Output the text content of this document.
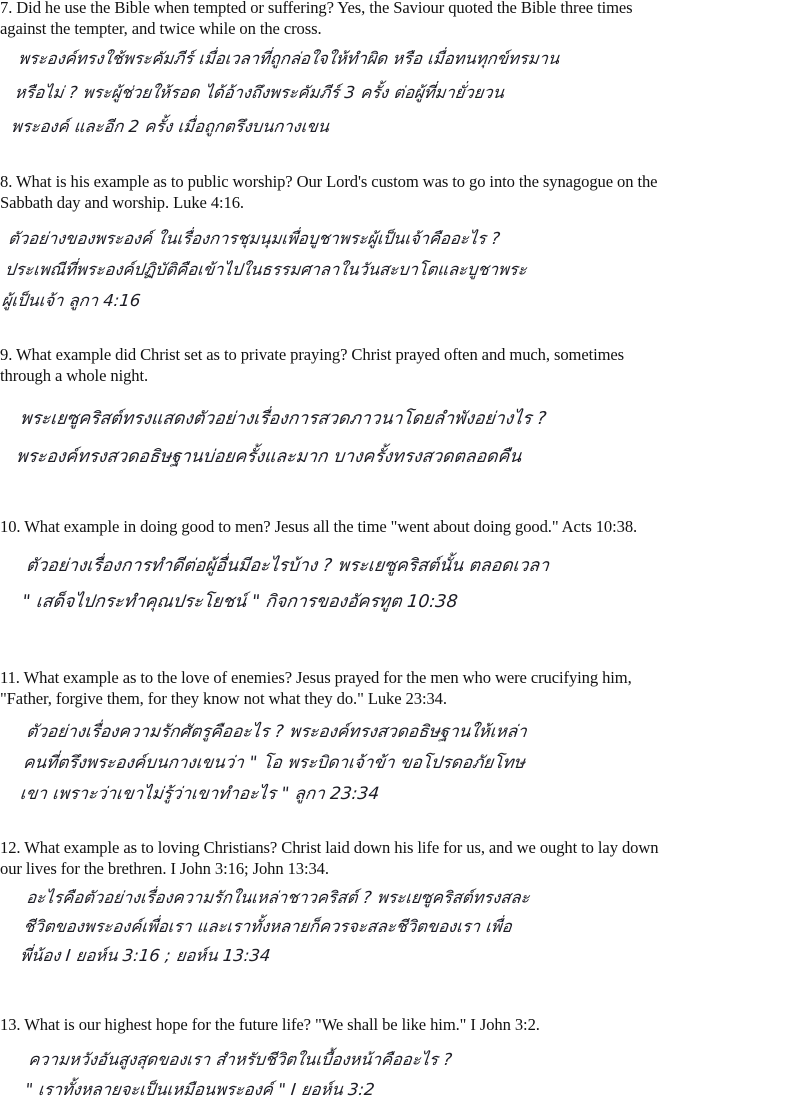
7. Did he use the Bible when tempted or suffering? Yes, the Saviour quoted the Bible three times
against the tempter, and twice while on the cross.
พระองค์ทรงใช้พระคัมภีร์ เมื่อเวลาที่ถูกล่อใจให้ทำผิด หรือ เมื่อทนทุกข์ทรมาน
หรือไม่ ? พระผู้ช่วยให้รอด ได้อ้างถึงพระคัมภีร์ 3 ครั้ง ต่อผู้ที่มายั่วยวน
พระองค์ และอีก 2 ครั้ง เมื่อถูกตรึงบนกางเขน
8. What is his example as to public worship? Our Lord's custom was to go into the synagogue on the
Sabbath day and worship. Luke 4:16.
ตัวอย่างของพระองค์ ในเรื่องการชุมนุมเพื่อบูชาพระผู้เป็นเจ้าคืออะไร ?
ประเพณีที่พระองค์ปฏิบัติคือเข้าไปในธรรมศาลาในวันสะบาโตและบูชาพระ
ผู้เป็นเจ้า ลูกา 4:16
9. What example did Christ set as to private praying? Christ prayed often and much, sometimes
through a whole night.
พระเยซูคริสต์ทรงแสดงตัวอย่างเรื่องการสวดภาวนาโดยลำพังอย่างไร ?
พระองค์ทรงสวดอธิษฐานบ่อยครั้งและมาก บางครั้งทรงสวดตลอดคืน
10. What example in doing good to men? Jesus all the time "went about doing good." Acts 10:38.
ตัวอย่างเรื่องการทำดีต่อผู้อื่นมีอะไรบ้าง ? พระเยซูคริสต์นั้น ตลอดเวลา
" เสด็จไปกระทำคุณประโยชน์ " กิจการของอัครทูต 10:38
11. What example as to the love of enemies? Jesus prayed for the men who were crucifying him,
"Father, forgive them, for they know not what they do." Luke 23:34.
ตัวอย่างเรื่องความรักศัตรูคืออะไร ? พระองค์ทรงสวดอธิษฐานให้เหล่า
คนที่ตรึงพระองค์บนกางเขนว่า " โอ พระบิดาเจ้าข้า ขอโปรดอภัยโทษ
เขา เพราะว่าเขาไม่รู้ว่าเขาทำอะไร " ลูกา 23:34
12. What example as to loving Christians? Christ laid down his life for us, and we ought to lay down
our lives for the brethren. I John 3:16; John 13:34.
อะไรคือตัวอย่างเรื่องความรักในเหล่าชาวคริสต์ ? พระเยซูคริสต์ทรงสละ
ชีวิตของพระองค์เพื่อเรา และเราทั้งหลายก็ควรจะสละชีวิตของเรา เพื่อ
พี่น้อง I ยอห์น 3:16 ; ยอห์น 13:34
13. What is our highest hope for the future life? "We shall be like him." I John 3:2.
ความหวังอันสูงสุดของเรา สำหรับชีวิตในเบื้องหน้าคืออะไร ?
" เราทั้งหลายจะเป็นเหมือนพระองค์ " I ยอห์น 3:2
